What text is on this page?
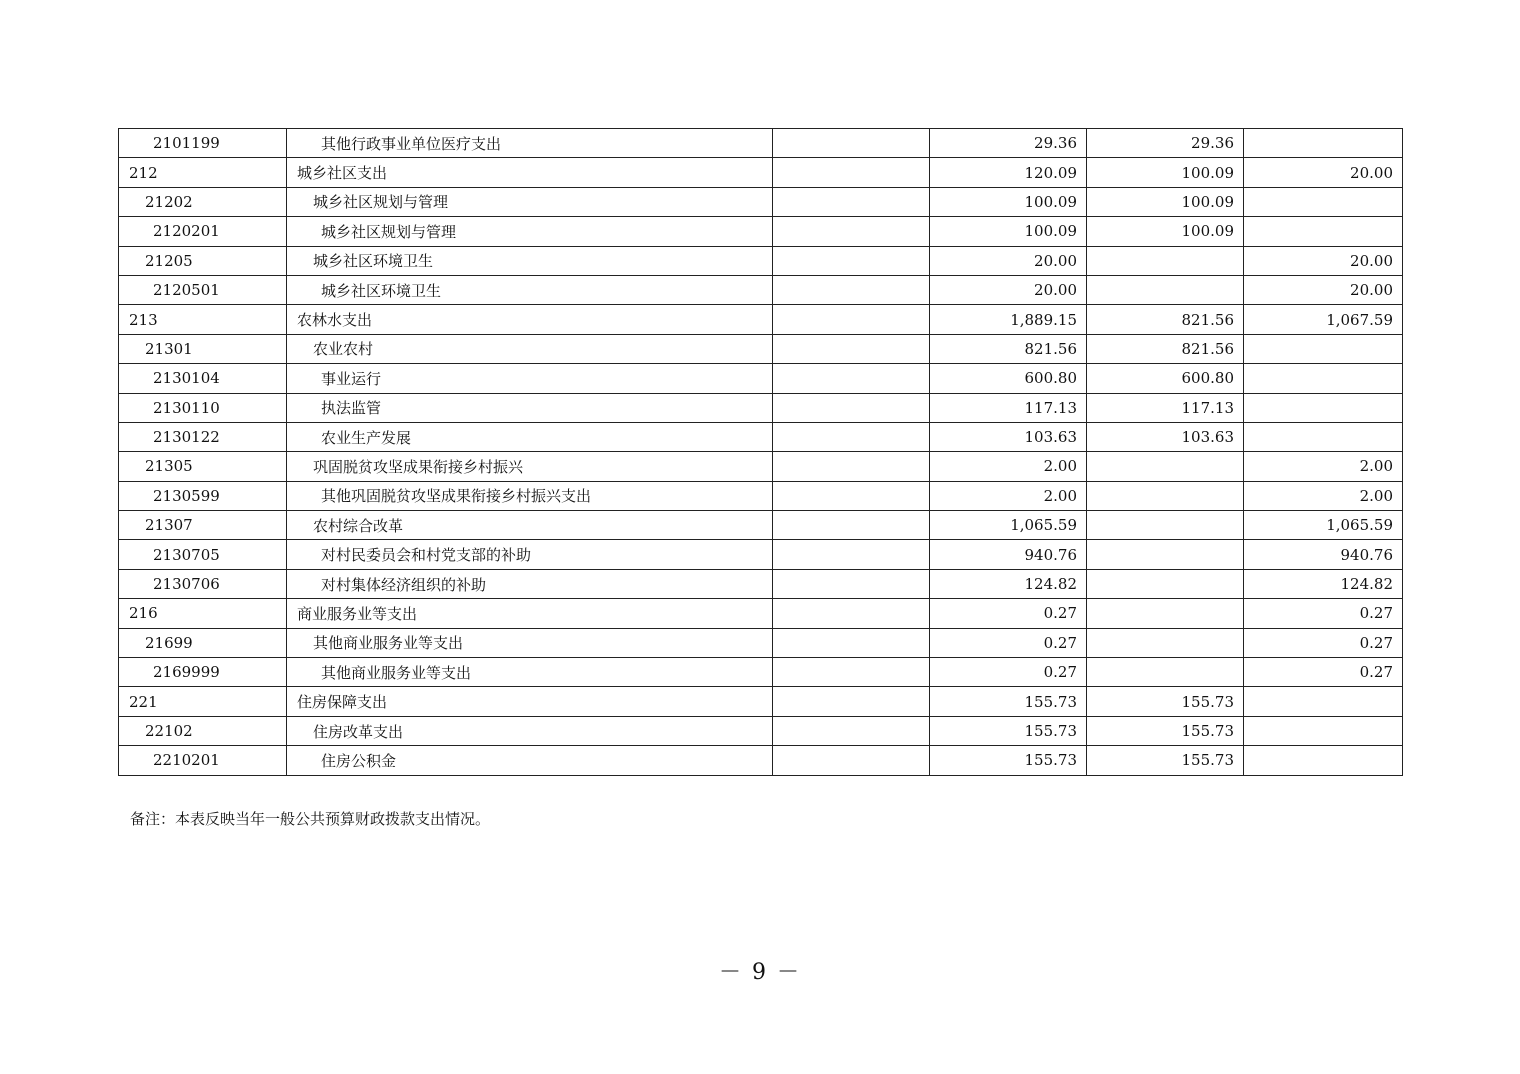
2101199	其他行政事业单位医疗支出		29.36	29.36	
212	城乡社区支出		120.09	100.09	20.00
21202	城乡社区规划与管理		100.09	100.09	
2120201	城乡社区规划与管理		100.09	100.09	
21205	城乡社区环境卫生		20.00		20.00
2120501	城乡社区环境卫生		20.00		20.00
213	农林水支出		1,889.15	821.56	1,067.59
21301	农业农村		821.56	821.56	
2130104	事业运行		600.80	600.80	
2130110	执法监管		117.13	117.13	
2130122	农业生产发展		103.63	103.63	
21305	巩固脱贫攻坚成果衔接乡村振兴		2.00		2.00
2130599	其他巩固脱贫攻坚成果衔接乡村振兴支出		2.00		2.00
21307	农村综合改革		1,065.59		1,065.59
2130705	对村民委员会和村党支部的补助		940.76		940.76
2130706	对村集体经济组织的补助		124.82		124.82
216	商业服务业等支出		0.27		0.27
21699	其他商业服务业等支出		0.27		0.27
2169999	其他商业服务业等支出		0.27		0.27
221	住房保障支出		155.73	155.73	
22102	住房改革支出		155.73	155.73	
2210201	住房公积金		155.73	155.73	
备注：本表反映当年一般公共预算财政拨款支出情况。
－ 9 －
